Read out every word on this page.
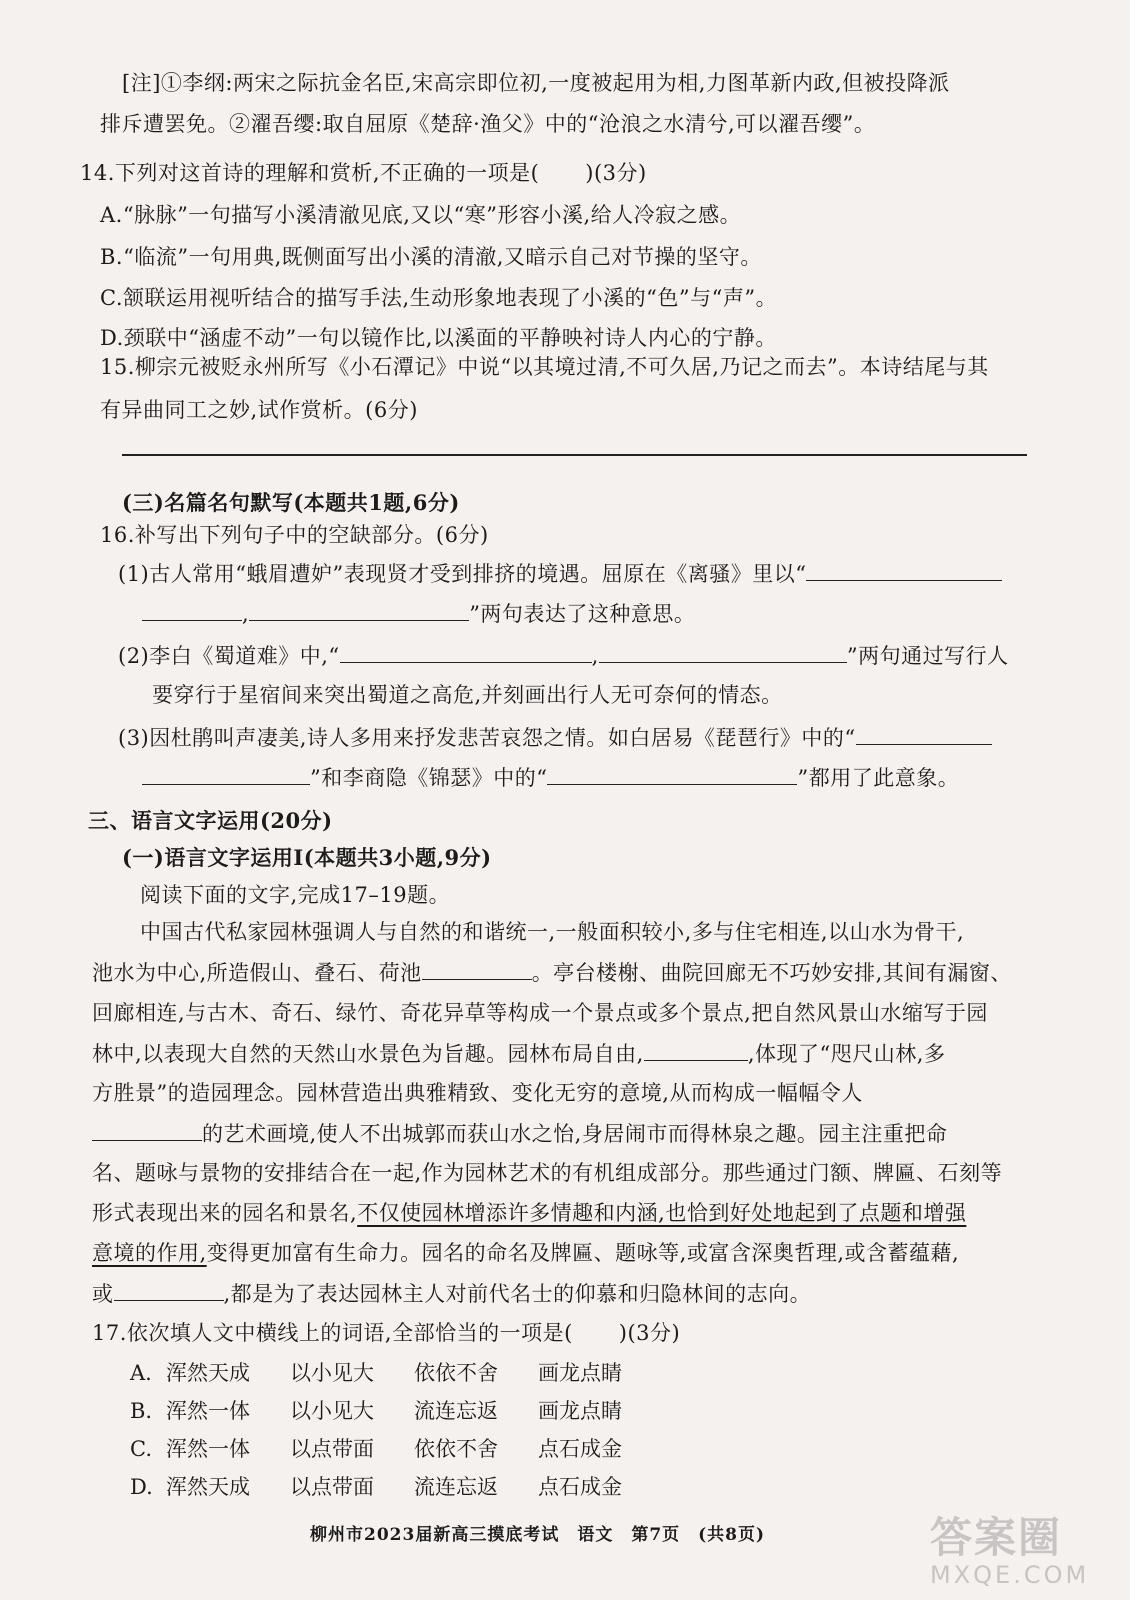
[注]①李纲:两宋之际抗金名臣,宋高宗即位初,一度被起用为相,力图革新内政,但被投降派
排斥遭罢免。②濯吾缨:取自屈原《楚辞·渔父》中的“沧浪之水清兮,可以濯吾缨”。
14.下列对这首诗的理解和赏析,不正确的一项是( )(3分)
A.“脉脉”一句描写小溪清澈见底,又以“寒”形容小溪,给人冷寂之感。
B.“临流”一句用典,既侧面写出小溪的清澈,又暗示自己对节操的坚守。
C.颔联运用视听结合的描写手法,生动形象地表现了小溪的“色”与“声”。
D.颈联中“涵虚不动”一句以镜作比,以溪面的平静映衬诗人内心的宁静。
15.柳宗元被贬永州所写《小石潭记》中说“以其境过清,不可久居,乃记之而去”。本诗结尾与其
有异曲同工之妙,试作赏析。(6分)
(三)名篇名句默写(本题共1题,6分)
16.补写出下列句子中的空缺部分。(6分)
(1)古人常用“蛾眉遭妒”表现贤才受到排挤的境遇。屈原在《离骚》里以“
,	”两句表达了这种意思。
(2)李白《蜀道难》中,“	,	”两句通过写行人
要穿行于星宿间来突出蜀道之高危,并刻画出行人无可奈何的情态。
(3)因杜鹃叫声凄美,诗人多用来抒发悲苦哀怨之情。如白居易《琵琶行》中的“
”和李商隐《锦瑟》中的“	”都用了此意象。
三、语言文字运用(20分)
(一)语言文字运用Ⅰ(本题共3小题,9分)
阅读下面的文字,完成17–19题。
中国古代私家园林强调人与自然的和谐统一,一般面积较小,多与住宅相连,以山水为骨干,
池水为中心,所造假山、叠石、荷池	。亭台楼榭、曲院回廊无不巧妙安排,其间有漏窗、
回廊相连,与古木、奇石、绿竹、奇花异草等构成一个景点或多个景点,把自然风景山水缩写于园
林中,以表现大自然的天然山水景色为旨趣。园林布局自由,	,体现了“咫尺山林,多
方胜景”的造园理念。园林营造出典雅精致、变化无穷的意境,从而构成一幅幅令人
的艺术画境,使人不出城郭而获山水之怡,身居闹市而得林泉之趣。园主注重把命
名、题咏与景物的安排结合在一起,作为园林艺术的有机组成部分。那些通过门额、牌匾、石刻等
形式表现出来的园名和景名,不仅使园林增添许多情趣和内涵,也恰到好处地起到了点题和增强
意境的作用,变得更加富有生命力。园名的命名及牌匾、题咏等,或富含深奥哲理,或含蓄蕴藉,
或	,都是为了表达园林主人对前代名士的仰慕和归隐林间的志向。
17.依次填人文中横线上的词语,全部恰当的一项是( )(3分)
A. 浑然天成 以小见大 依依不舍 画龙点睛
B. 浑然一体 以小见大 流连忘返 画龙点睛
C. 浑然一体 以点带面 依依不舍 点石成金
D. 浑然天成 以点带面 流连忘返 点石成金
柳州市2023届新高三摸底考试　语文　第7页　(共8页)	答案圈
MXQE.COM
